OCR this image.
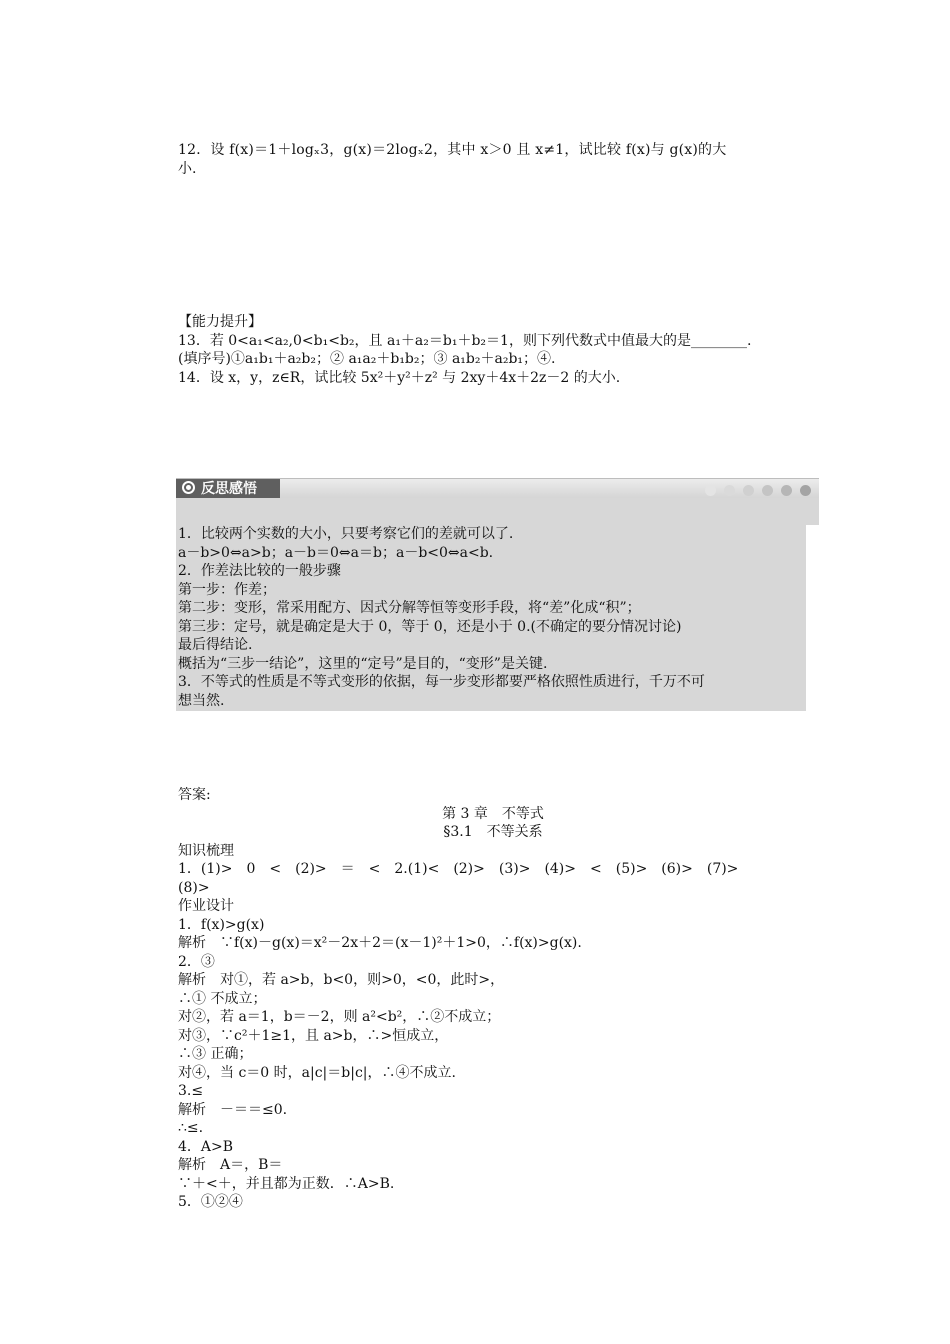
12．设 f(x)＝1＋logₓ3，g(x)＝2logₓ2，其中 x＞0 且 x≠1，试比较 f(x)与 g(x)的大
小.
【能力提升】
13．若 0<a₁<a₂,0<b₁<b₂，且 a₁＋a₂＝b₁＋b₂＝1，则下列代数式中值最大的是________.
(填序号)①a₁b₁＋a₂b₂；② a₁a₂＋b₁b₂；③ a₁b₂＋a₂b₁；④.
14．设 x，y，z∈R，试比较 5x²＋y²＋z² 与 2xy＋4x＋2z－2 的大小.
反思感悟
1．比较两个实数的大小，只要考察它们的差就可以了.
a－b>0⇔a>b；a－b＝0⇔a＝b；a－b<0⇔a<b.
2．作差法比较的一般步骤
第一步：作差；
第二步：变形，常采用配方、因式分解等恒等变形手段，将“差”化成“积”；
第三步：定号，就是确定是大于 0，等于 0，还是小于 0.(不确定的要分情况讨论)
最后得结论.
概括为“三步一结论”，这里的“定号”是目的，“变形”是关键.
3．不等式的性质是不等式变形的依据，每一步变形都要严格依照性质进行，千万不可
想当然.
答案:
第 3 章　不等式
§3.1　不等关系
知识梳理
1．(1)>　0　<　(2)>　＝　<　2.(1)<　(2)>　(3)>　(4)>　<　(5)>　(6)>　(7)>
(8)>
作业设计
1．f(x)>g(x)
解析　∵f(x)－g(x)＝x²－2x＋2＝(x－1)²＋1>0，∴f(x)>g(x).
2．③
解析　对①，若 a>b，b<0，则>0，<0，此时>，
∴① 不成立；
对②，若 a＝1，b＝－2，则 a²<b²，∴②不成立；
对③，∵c²＋1≥1，且 a>b，∴>恒成立，
∴③ 正确；
对④，当 c＝0 时，a|c|＝b|c|，∴④不成立.
3.≤
解析　－＝＝≤0.
∴≤.
4．A>B
解析　A＝，B＝
∵＋<＋，并且都为正数．∴A>B.
5．①②④
